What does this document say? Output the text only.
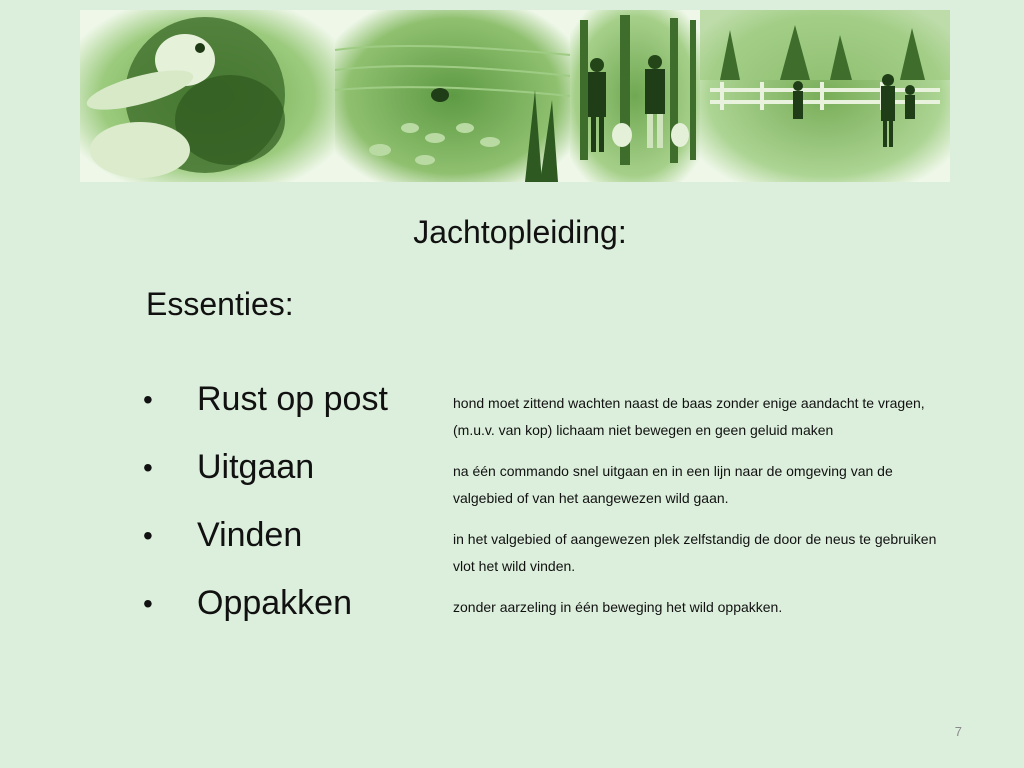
Jachtopleiding:
Essenties:
• Rust op post	hond moet zittend wachten naast de baas zonder enige aandacht te vragen, (m.u.v. van kop) lichaam niet bewegen en geen geluid maken
• Uitgaan	na één commando snel uitgaan en in een lijn naar de omgeving van de valgebied of van het aangewezen wild gaan.
• Vinden	in het valgebied of aangewezen plek zelfstandig de door de neus te gebruiken vlot het wild vinden.
• Oppakken	zonder aarzeling in één beweging het wild oppakken.
7
